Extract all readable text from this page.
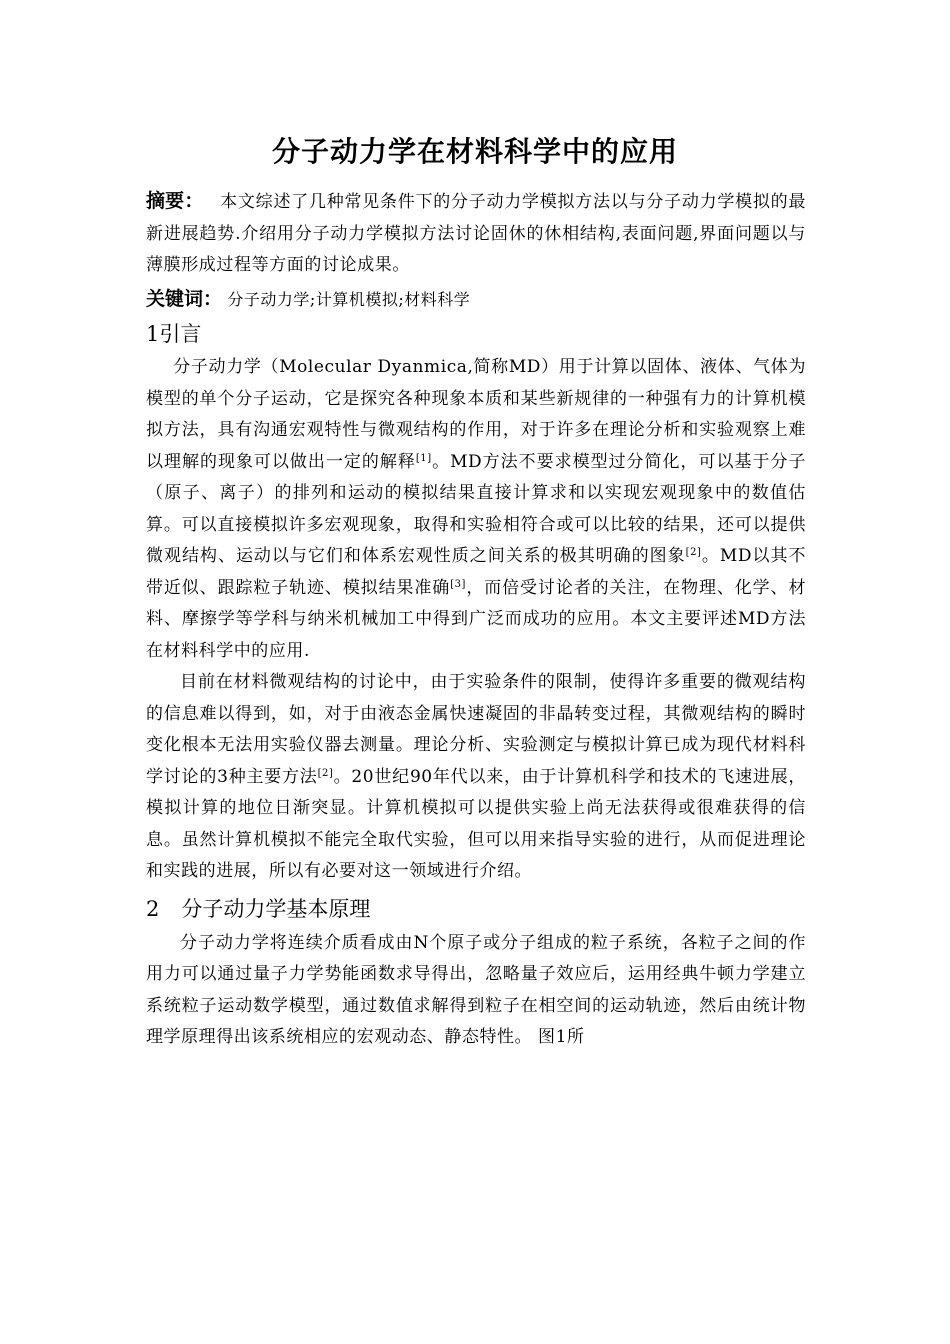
分子动力学在材料科学中的应用

摘要： 本文综述了几种常见条件下的分子动力学模拟方法以与分子动力学模拟的最新进展趋势.介绍用分子动力学模拟方法讨论固休的休相结构,表面问题,界面问题以与薄膜形成过程等方面的讨论成果。

关键词： 分子动力学;计算机模拟;材料科学

1引言

分子动力学（Molecular Dyanmica,简称MD）用于计算以固体、液体、气体为模型的单个分子运动，它是探究各种现象本质和某些新规律的一种强有力的计算机模拟方法，具有沟通宏观特性与微观结构的作用，对于许多在理论分析和实验观察上难以理解的现象可以做出一定的解释[1]。MD方法不要求模型过分简化，可以基于分子（原子、离子）的排列和运动的模拟结果直接计算求和以实现宏观现象中的数值估算。可以直接模拟许多宏观现象，取得和实验相符合或可以比较的结果，还可以提供微观结构、运动以与它们和体系宏观性质之间关系的极其明确的图象[2]。MD以其不带近似、跟踪粒子轨迹、模拟结果准确[3]，而倍受讨论者的关注，在物理、化学、材料、摩擦学等学科与纳米机械加工中得到广泛而成功的应用。本文主要评述MD方法在材料科学中的应用.

目前在材料微观结构的讨论中，由于实验条件的限制，使得许多重要的微观结构的信息难以得到，如，对于由液态金属快速凝固的非晶转变过程，其微观结构的瞬时变化根本无法用实验仪器去测量。理论分析、实验测定与模拟计算已成为现代材料科学讨论的3种主要方法[2]。20世纪90年代以来，由于计算机科学和技术的飞速进展，模拟计算的地位日渐突显。计算机模拟可以提供实验上尚无法获得或很难获得的信息。虽然计算机模拟不能完全取代实验，但可以用来指导实验的进行，从而促进理论和实践的进展，所以有必要对这一领域进行介绍。

2 分子动力学基本原理

分子动力学将连续介质看成由N个原子或分子组成的粒子系统，各粒子之间的作用力可以通过量子力学势能函数求导得出，忽略量子效应后，运用经典牛顿力学建立系统粒子运动数学模型，通过数值求解得到粒子在相空间的运动轨迹，然后由统计物理学原理得出该系统相应的宏观动态、静态特性。 图1所
